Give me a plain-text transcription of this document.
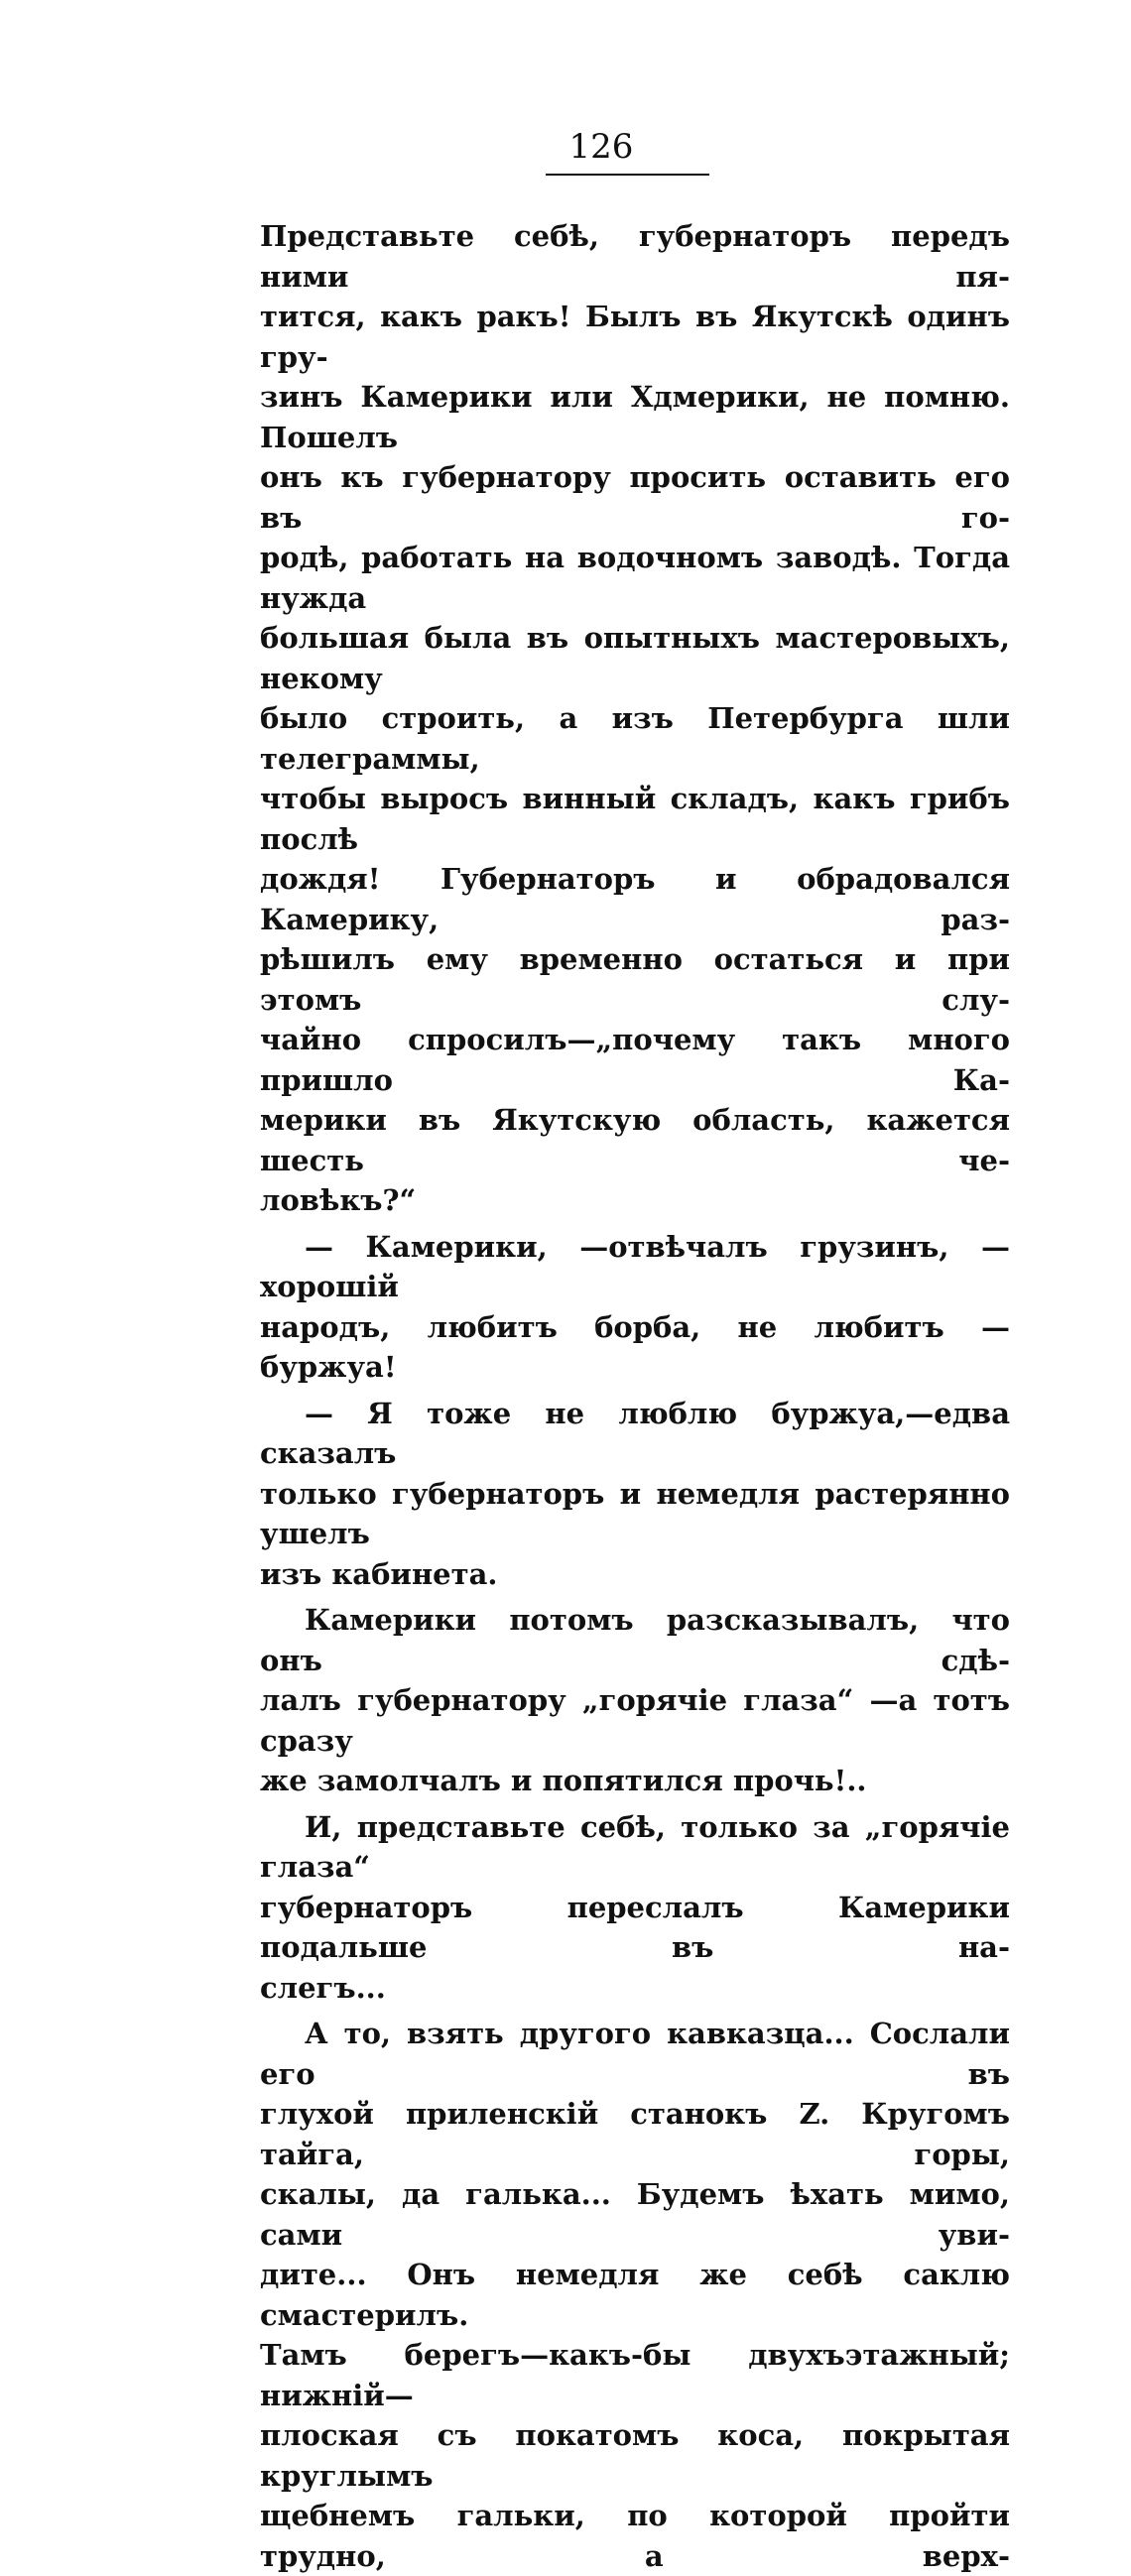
126

Представьте себѣ, губернаторъ передъ ними пя-

тится, какъ ракъ! Былъ въ Якутскѣ одинъ гру-

зинъ Камерики или Хдмерики, не помню. Пошелъ

онъ къ губернатору просить оставить его въ го-

родѣ, работать на водочномъ заводѣ. Тогда нужда

большая была въ опытныхъ мастеровыхъ, некому

было строить, а изъ Петербурга шли телеграммы,

чтобы выросъ винный складъ, какъ грибъ послѣ

дождя! Губернаторъ и обрадовался Камерику, раз-

рѣшилъ ему временно остаться и при этомъ слу-

чайно спросилъ—„почему такъ много пришло Ка-

мерики въ Якутскую область, кажется шесть че-

ловѣкъ?“

— Камерики, —отвѣчалъ грузинъ, — хорошій

народъ, любитъ борба, не любитъ —буржуа!

— Я тоже не люблю буржуа,—едва сказалъ

только губернаторъ и немедля растерянно ушелъ

изъ кабинета.

Камерики потомъ разсказывалъ, что онъ сдѣ-

лалъ губернатору „горячіе глаза“ —а тотъ сразу

же замолчалъ и попятился прочь!..

И, представьте себѣ, только за „горячіе глаза“

губернаторъ переслалъ Камерики подальше въ на-

слегъ...

А то, взять другого кавказца... Сослали его въ

глухой приленскій станокъ Z. Кругомъ тайга, горы,

скалы, да галька... Будемъ ѣхать мимо, сами уви-

дите... Онъ немедля же себѣ саклю смастерилъ.

Тамъ берегъ—какъ-бы двухъэтажный; нижній—

плоская съ покатомъ коса, покрытая круглымъ

щебнемъ гальки, по которой пройти трудно, а верх-
